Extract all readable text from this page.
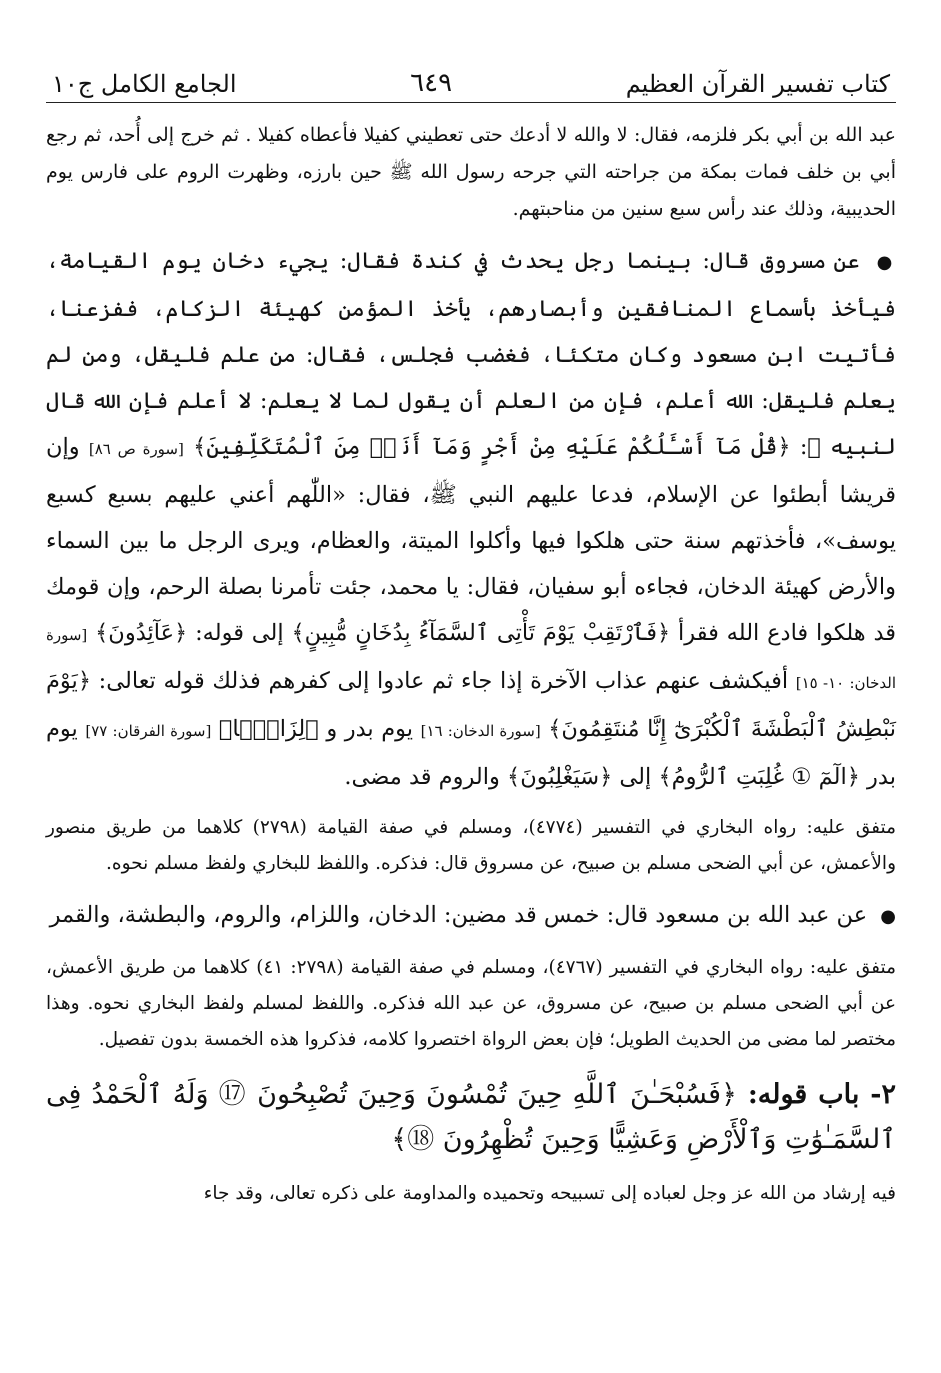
كتاب تفسير القرآن العظيم
٦٤٩
الجامع الكامل ج١٠

عبد الله بن أبي بكر فلزمه، فقال: لا والله لا أدعك حتى تعطيني كفيلا فأعطاه كفيلا . ثم خرج إلى أُحد، ثم رجع أبي بن خلف فمات بمكة من جراحته التي جرحه رسول الله ﷺ حين بارزه، وظهرت الروم على فارس يوم الحديبية، وذلك عند رأس سبع سنين من مناحبتهم.

● عن مسروق قال: بينما رجل يحدث في كندة فقال: يجيء دخان يوم القيامة، فيأخذ بأسماع المنافقين وأبصارهم، يأخذ المؤمن كهيئة الزكام، ففزعنا، فأتيت ابن مسعود وكان متكئا، فغضب فجلس، فقال: من علم فليقل، ومن لم يعلم فليقل: الله أعلم، فإن من العلم أن يقول لما لا يعلم: لا أعلم فإن الله قال لنبيه ﷺ: ﴿قُلْ مَآ أَسْـَٔلُكُمْ عَلَيْهِ مِنْ أَجْرٍ وَمَآ أَنَا۠ مِنَ ٱلْمُتَكَلِّفِينَ﴾ [سورة ص ٨٦] وإن قريشا أبطئوا عن الإسلام، فدعا عليهم النبي ﷺ، فقال: «اللّٰهم أعني عليهم بسبع كسبع يوسف»، فأخذتهم سنة حتى هلكوا فيها وأكلوا الميتة، والعظام، ويرى الرجل ما بين السماء والأرض كهيئة الدخان، فجاءه أبو سفيان، فقال: يا محمد، جئت تأمرنا بصلة الرحم، وإن قومك قد هلكوا فادع الله فقرأ ﴿فَٱرْتَقِبْ يَوْمَ تَأْتِى ٱلسَّمَآءُ بِدُخَانٍ مُّبِينٍ﴾ إلى قوله: ﴿عَآئِدُونَ﴾ [سورة الدخان: ١٠- ١٥] أفيكشف عنهم عذاب الآخرة إذا جاء ثم عادوا إلى كفرهم فذلك قوله تعالى: ﴿يَوْمَ نَبْطِشُ ٱلْبَطْشَةَ ٱلْكُبْرَىٰٓ إِنَّا مُنتَقِمُونَ﴾ [سورة الدخان: ١٦] يوم بدر و ﴿لِزَامًۢا﴾ [سورة الفرقان: ٧٧] يوم بدر ﴿الٓمٓ ① غُلِبَتِ ٱلرُّومُ﴾ إلى ﴿سَيَغْلِبُونَ﴾ والروم قد مضى.

متفق عليه: رواه البخاري في التفسير (٤٧٧٤)، ومسلم في صفة القيامة (٢٧٩٨) كلاهما من طريق منصور والأعمش، عن أبي الضحى مسلم بن صبيح، عن مسروق قال: فذكره. واللفظ للبخاري ولفظ مسلم نحوه.

● عن عبد الله بن مسعود قال: خمس قد مضين: الدخان، واللزام، والروم، والبطشة، والقمر

متفق عليه: رواه البخاري في التفسير (٤٧٦٧)، ومسلم في صفة القيامة (٢٧٩٨: ٤١) كلاهما من طريق الأعمش، عن أبي الضحى مسلم بن صبيح، عن مسروق، عن عبد الله فذكره. واللفظ لمسلم ولفظ البخاري نحوه. وهذا مختصر لما مضى من الحديث الطويل؛ فإن بعض الرواة اختصروا كلامه، فذكروا هذه الخمسة بدون تفصيل.

٢- باب قوله: ﴿فَسُبْحَـٰنَ ٱللَّهِ حِينَ تُمْسُونَ وَحِينَ تُصْبِحُونَ ⑰ وَلَهُ ٱلْحَمْدُ فِى ٱلسَّمَـٰوَٰتِ وَٱلْأَرْضِ وَعَشِيًّا وَحِينَ تُظْهِرُونَ ⑱﴾

فيه إرشاد من الله عز وجل لعباده إلى تسبيحه وتحميده والمداومة على ذكره تعالى، وقد جاء
